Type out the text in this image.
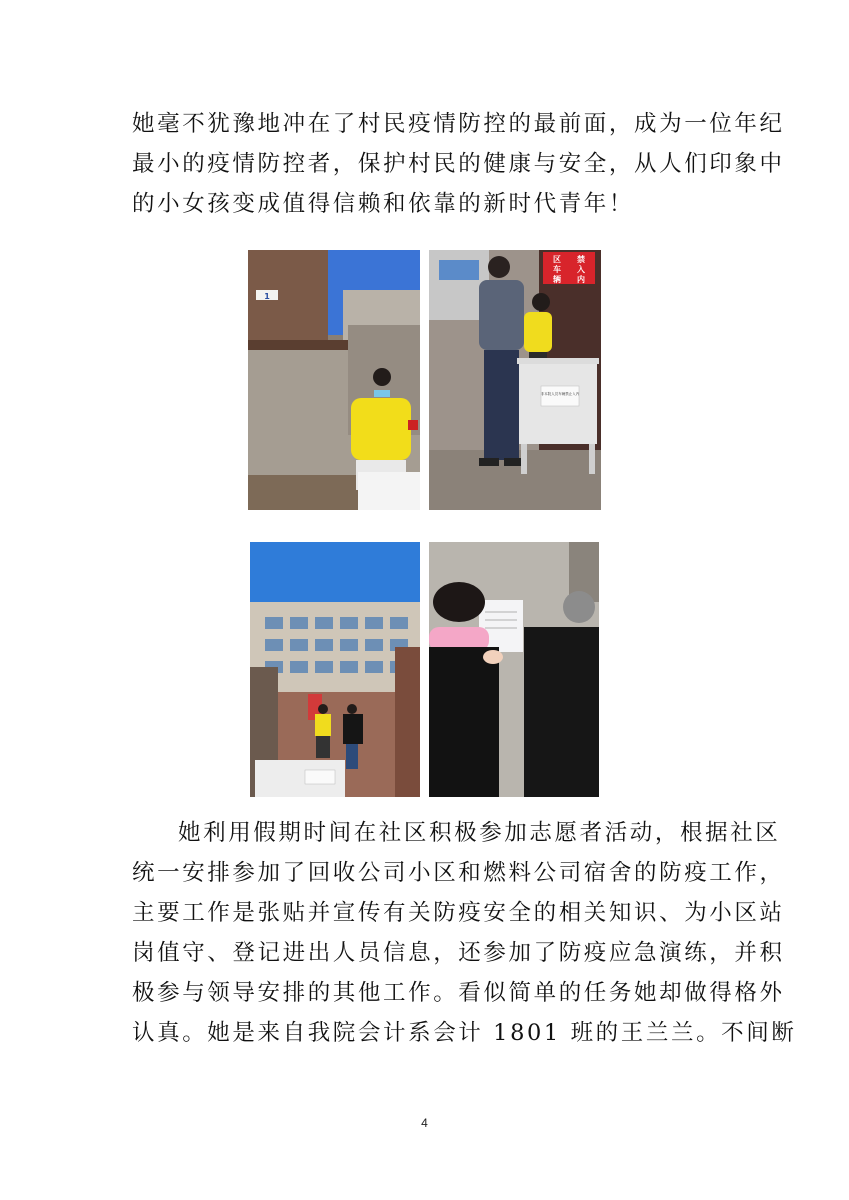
她毫不犹豫地冲在了村民疫情防控的最前面，成为一位年纪
最小的疫情防控者，保护村民的健康与安全，从人们印象中
的小女孩变成值得信赖和依靠的新时代青年！
1
区
车
辆
禁
入
内
非本院人员车辆禁止入内
她利用假期时间在社区积极参加志愿者活动，根据社区
统一安排参加了回收公司小区和燃料公司宿舍的防疫工作，
主要工作是张贴并宣传有关防疫安全的相关知识、为小区站
岗值守、登记进出人员信息，还参加了防疫应急演练，并积
极参与领导安排的其他工作。看似简单的任务她却做得格外
认真。她是来自我院会计系会计 1801 班的王兰兰。不间断
4
